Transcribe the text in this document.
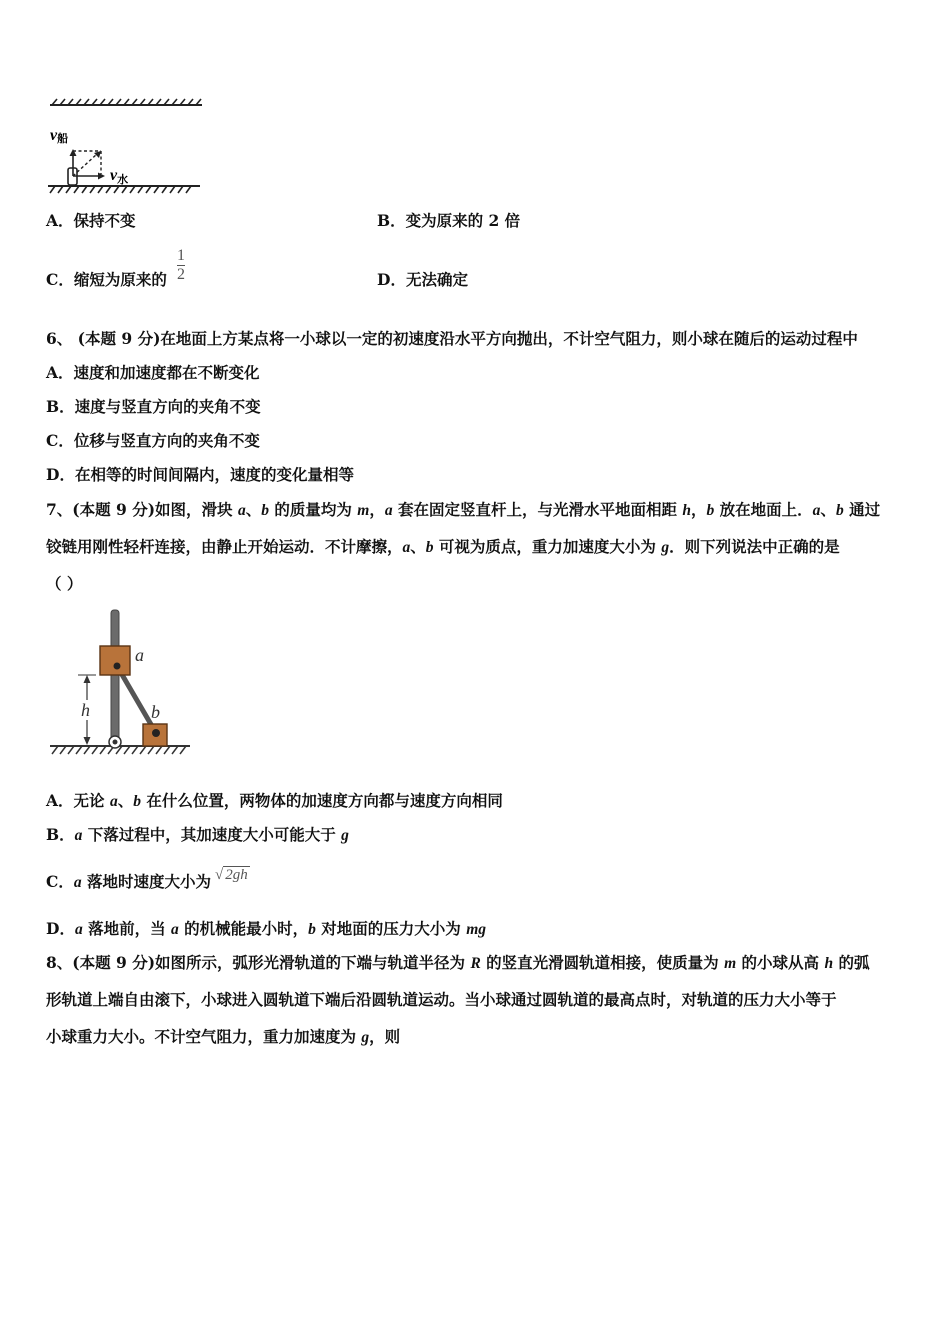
v船
v水
A．保持不变	B．变为原来的 2 倍
C．缩短为原来的 $\frac{1}{2}$	D．无法确定
6、 (本题 9 分)在地面上方某点将一小球以一定的初速度沿水平方向抛出，不计空气阻力，则小球在随后的运动过程中
A．速度和加速度都在不断变化
B．速度与竖直方向的夹角不变
C．位移与竖直方向的夹角不变
D．在相等的时间间隔内，速度的变化量相等
7、(本题 9 分)如图，滑块 a、b 的质量均为 m，a 套在固定竖直杆上，与光滑水平地面相距 h，b 放在地面上．a、b 通过
铰链用刚性轻杆连接，由静止开始运动．不计摩擦，a、b 可视为质点，重力加速度大小为 g．则下列说法中正确的是
（ ）
a
b
h
A．无论 a、b 在什么位置，两物体的加速度方向都与速度方向相同
B．a 下落过程中，其加速度大小可能大于 g
C．a 落地时速度大小为 √ 2gh
D．a 落地前，当 a 的机械能最小时，b 对地面的压力大小为 mg
8、(本题 9 分)如图所示，弧形光滑轨道的下端与轨道半径为 R 的竖直光滑圆轨道相接，使质量为 m 的小球从高 h 的弧
形轨道上端自由滚下，小球进入圆轨道下端后沿圆轨道运动。当小球通过圆轨道的最高点时，对轨道的压力大小等于
小球重力大小。不计空气阻力，重力加速度为 g，则
